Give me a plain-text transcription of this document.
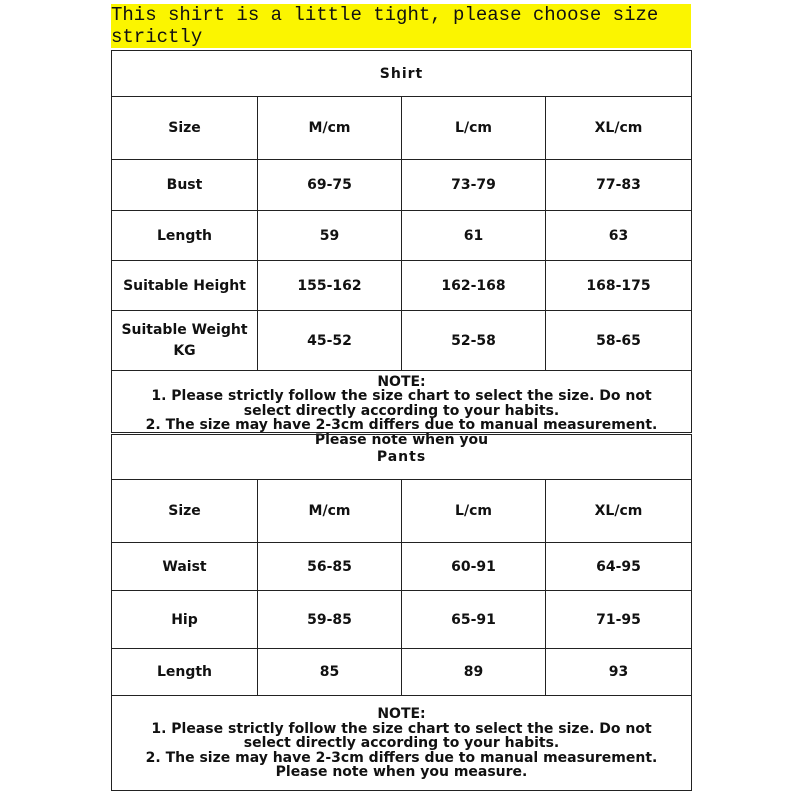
This shirt is a little tight, please choose size strictly
Shirt			
Size	M/cm	L/cm	XL/cm
Bust	69-75	73-79	77-83
Length	59	61	63
Suitable Height	155-162	162-168	168-175
Suitable Weight KG	45-52	52-58	58-65

NOTE:
1. Please strictly follow the size chart to select the size. Do not select directly according to your habits.
2. The size may have 2-3cm differs due to manual measurement. Please note when you			
Pants			
Size	M/cm	L/cm	XL/cm
Waist	56-85	60-91	64-95
Hip	59-85	65-91	71-95
Length	85	89	93

NOTE:
1. Please strictly follow the size chart to select the size. Do not select directly according to your habits.
2. The size may have 2-3cm differs due to manual measurement. Please note when you measure.			
